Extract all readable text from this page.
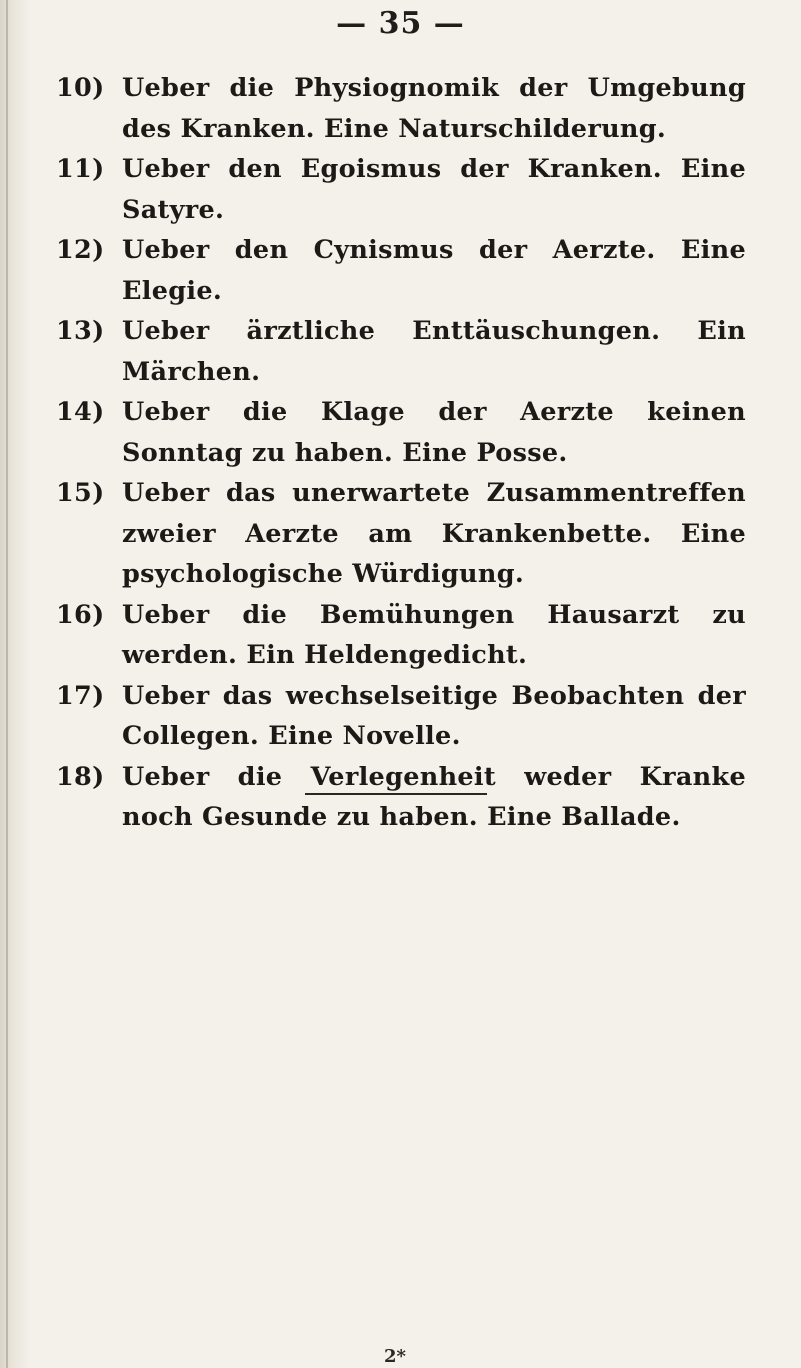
— 35 —
10) Ueber die Physiognomik der Umgebung des Kranken. Eine Naturschilderung.
11) Ueber den Egoismus der Kranken. Eine Satyre.
12) Ueber den Cynismus der Aerzte. Eine Elegie.
13) Ueber ärztliche Enttäuschungen. Ein Märchen.
14) Ueber die Klage der Aerzte keinen Sonntag zu haben. Eine Posse.
15) Ueber das unerwartete Zusammentreffen zweier Aerzte am Krankenbette. Eine psychologische Würdigung.
16) Ueber die Bemühungen Hausarzt zu werden. Ein Heldengedicht.
17) Ueber das wechselseitige Beobachten der Collegen. Eine Novelle.
18) Ueber die Verlegenheit weder Kranke noch Gesunde zu haben. Eine Ballade.
2*
